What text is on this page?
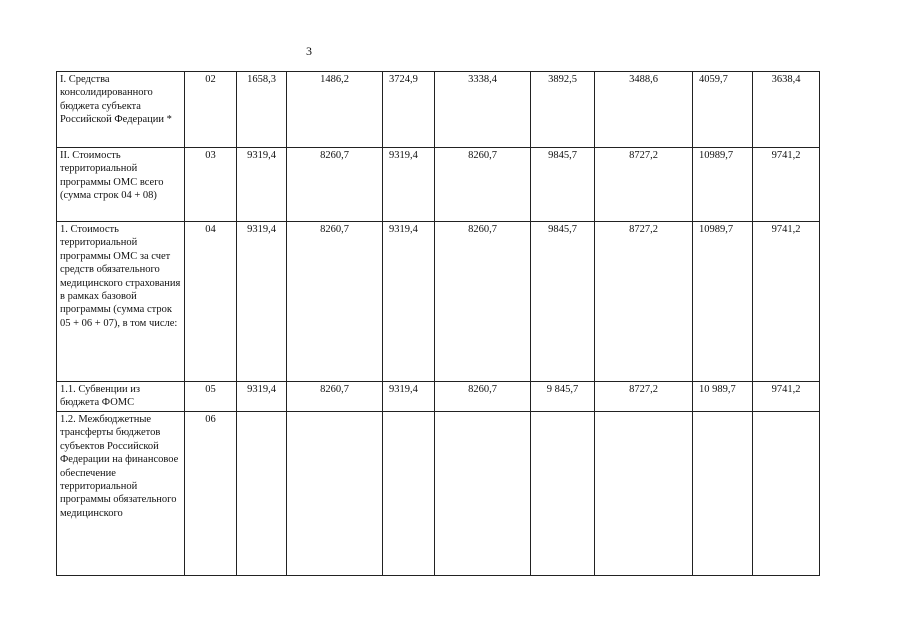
3
I. Средства консолидированного бюджета субъекта Российской Федерации *	02	1658,3	1486,2	3724,9	3338,4	3892,5	3488,6	4059,7	3638,4
II. Стоимость территориальной программы ОМС всего (сумма строк 04 + 08)	03	9319,4	8260,7	9319,4	8260,7	9845,7	8727,2	10989,7	9741,2
1. Стоимость территориальной программы ОМС за счет средств обязательного медицинского страхования в рамках базовой программы (сумма строк 05 + 06 + 07), в том числе:	04	9319,4	8260,7	9319,4	8260,7	9845,7	8727,2	10989,7	9741,2
1.1. Субвенции из бюджета ФОМС	05	9319,4	8260,7	9319,4	8260,7	9 845,7	8727,2	10 989,7	9741,2
1.2. Межбюджетные трансферты бюджетов субъектов Российской Федерации на финансовое обеспечение территориальной программы обязательного медицинского	06								
